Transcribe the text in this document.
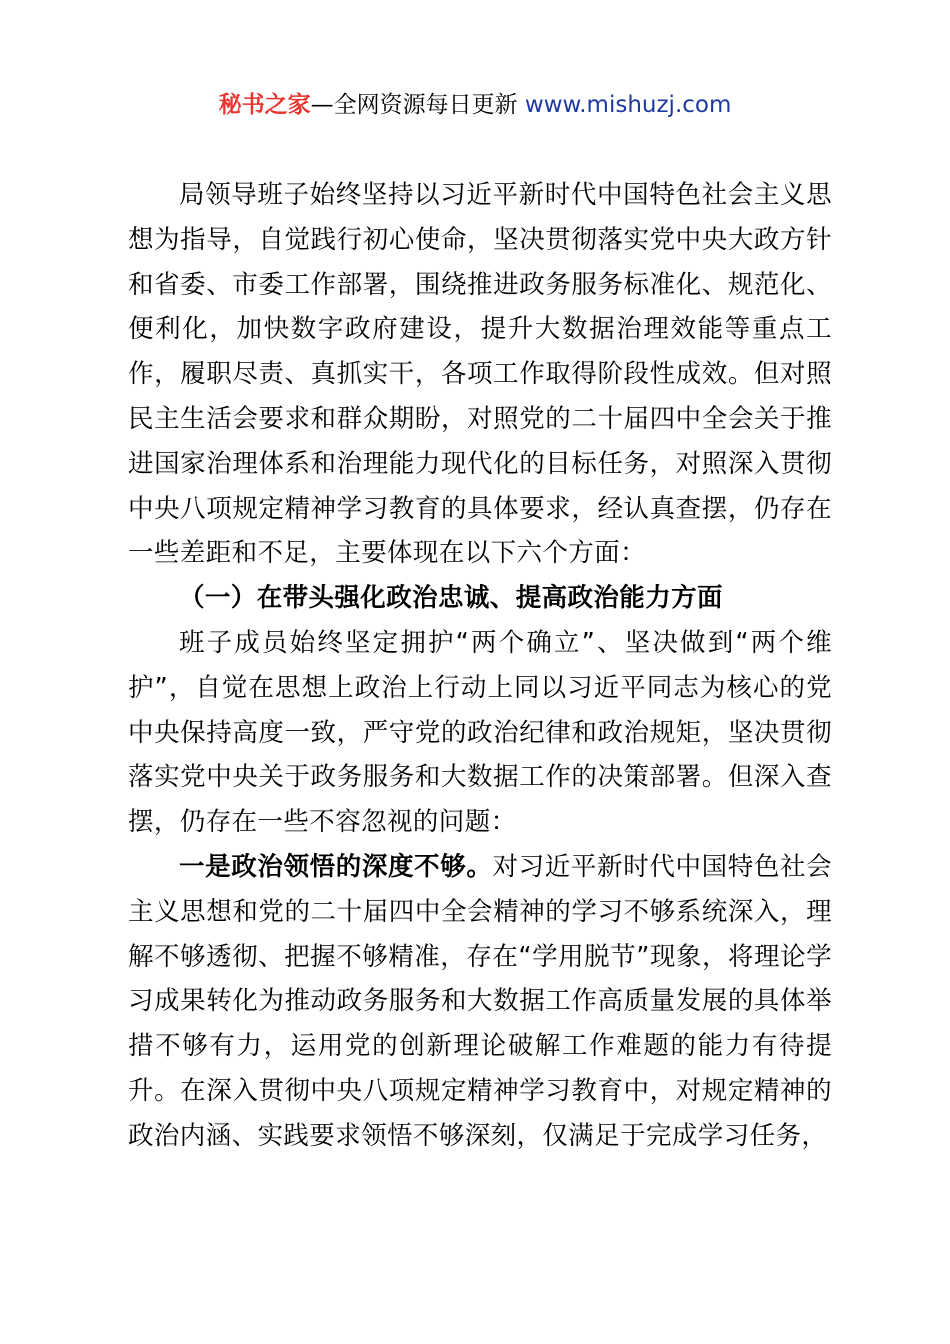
秘书之家—全网资源每日更新 www.mishuzj.com

局领导班子始终坚持以习近平新时代中国特色社会主义思想为指导，自觉践行初心使命，坚决贯彻落实党中央大政方针和省委、市委工作部署，围绕推进政务服务标准化、规范化、便利化，加快数字政府建设，提升大数据治理效能等重点工作，履职尽责、真抓实干，各项工作取得阶段性成效。但对照民主生活会要求和群众期盼，对照党的二十届四中全会关于推进国家治理体系和治理能力现代化的目标任务，对照深入贯彻中央八项规定精神学习教育的具体要求，经认真查摆，仍存在一些差距和不足，主要体现在以下六个方面：

（一）在带头强化政治忠诚、提高政治能力方面

班子成员始终坚定拥护“两个确立”、坚决做到“两个维护”，自觉在思想上政治上行动上同以习近平同志为核心的党中央保持高度一致，严守党的政治纪律和政治规矩，坚决贯彻落实党中央关于政务服务和大数据工作的决策部署。但深入查摆，仍存在一些不容忽视的问题：

一是政治领悟的深度不够。对习近平新时代中国特色社会主义思想和党的二十届四中全会精神的学习不够系统深入，理解不够透彻、把握不够精准，存在“学用脱节”现象，将理论学习成果转化为推动政务服务和大数据工作高质量发展的具体举措不够有力，运用党的创新理论破解工作难题的能力有待提升。在深入贯彻中央八项规定精神学习教育中，对规定精神的政治内涵、实践要求领悟不够深刻，仅满足于完成学习任务，
